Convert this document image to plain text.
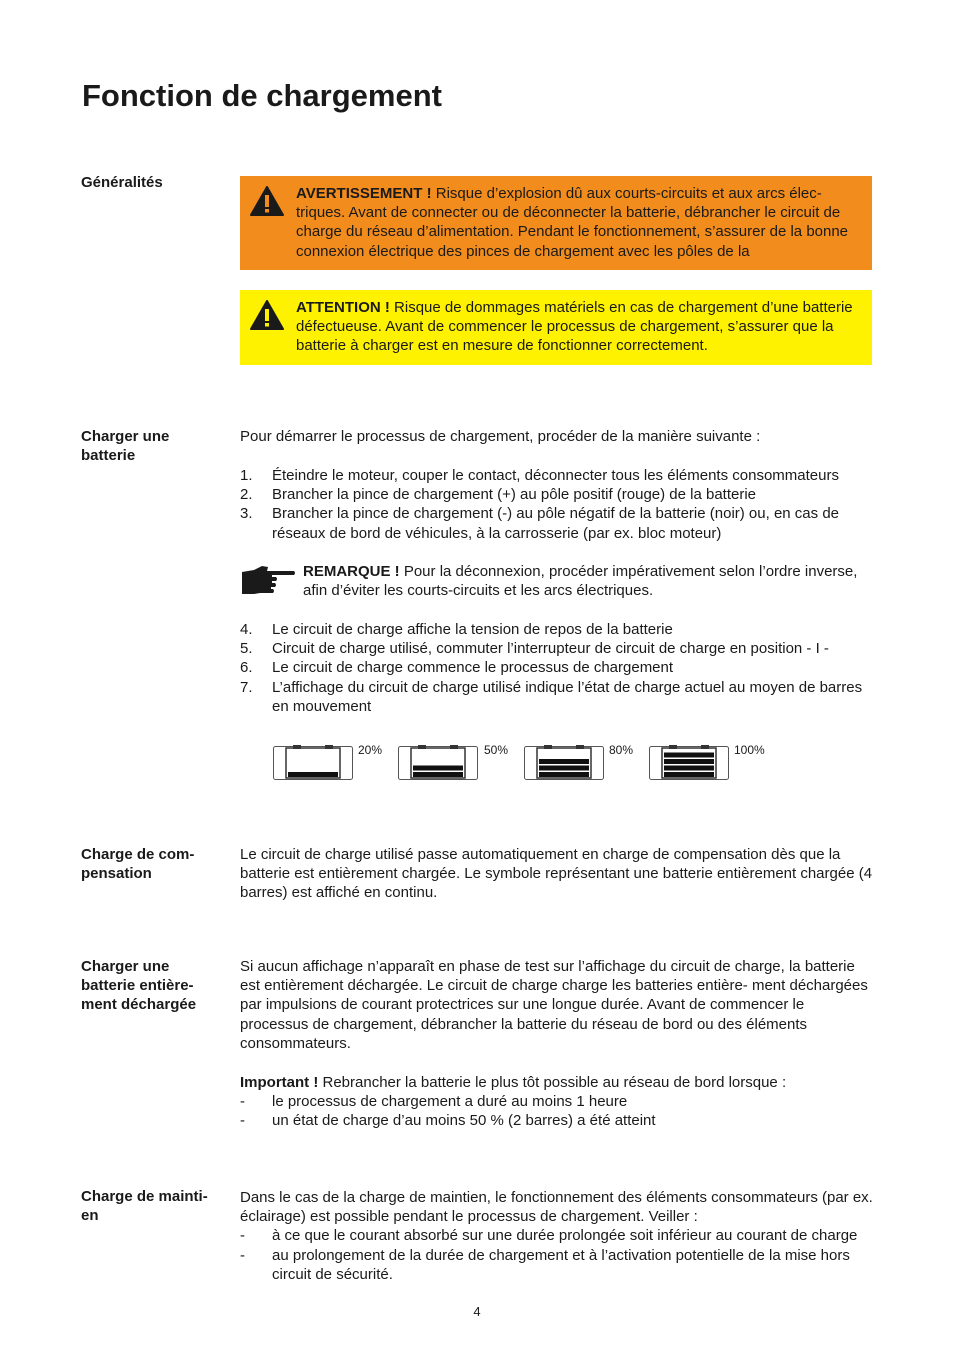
Fonction de chargement
Généralités
AVERTISSEMENT ! Risque d’explosion dû aux courts-circuits et aux arcs élec- triques. Avant de connecter ou de déconnecter la batterie, débrancher le circuit de charge du réseau d’alimentation. Pendant le fonctionnement, s’assurer de la bonne connexion électrique des pinces de chargement avec les pôles de la
ATTENTION ! Risque de dommages matériels en cas de chargement d’une batterie défectueuse. Avant de commencer le processus de chargement, s’assurer que la batterie à charger est en mesure de fonctionner correctement.
Charger une batterie
Pour démarrer le processus de chargement, procéder de la manière suivante :
1.	Éteindre le moteur, couper le contact, déconnecter tous les éléments consommateurs
2.	Brancher la pince de chargement (+) au pôle positif (rouge) de la batterie
3.	Brancher la pince de chargement (-) au pôle négatif de la batterie (noir) ou, en cas de réseaux de bord de véhicules, à la carrosserie (par ex. bloc moteur)
REMARQUE ! Pour la déconnexion, procéder impérativement selon l’ordre inverse, afin d’éviter les courts-circuits et les arcs électriques.
4.	Le circuit de charge affiche la tension de repos de la batterie
5.	Circuit de charge utilisé, commuter l’interrupteur de circuit de charge en position - I -
6.	Le circuit de charge commence le processus de chargement
7.	L’affichage du circuit de charge utilisé indique l’état de charge actuel au moyen de barres en mouvement
20%	50%	80%	100%
Charge de com- pensation
Le circuit de charge utilisé passe automatiquement en charge de compensation dès que la batterie est entièrement chargée. Le symbole représentant une batterie entièrement chargée (4 barres) est affiché en continu.
Charger une batterie entière- ment déchargée
Si aucun affichage n’apparaît en phase de test sur l’affichage du circuit de charge, la batterie est entièrement déchargée. Le circuit de charge charge les batteries entière- ment déchargées par impulsions de courant protectrices sur une longue durée. Avant de commencer le processus de chargement, débrancher la batterie du réseau de bord ou des éléments consommateurs.
Important ! Rebrancher la batterie le plus tôt possible au réseau de bord lorsque :
-	le processus de chargement a duré au moins 1 heure
-	un état de charge d’au moins 50 % (2 barres) a été atteint
Charge de mainti- en
Dans le cas de la charge de maintien, le fonctionnement des éléments consommateurs (par ex. éclairage) est possible pendant le processus de chargement. Veiller :
-	à ce que le courant absorbé sur une durée prolongée soit inférieur au courant de charge
-	au prolongement de la durée de chargement et à l’activation potentielle de la mise hors circuit de sécurité.
4
